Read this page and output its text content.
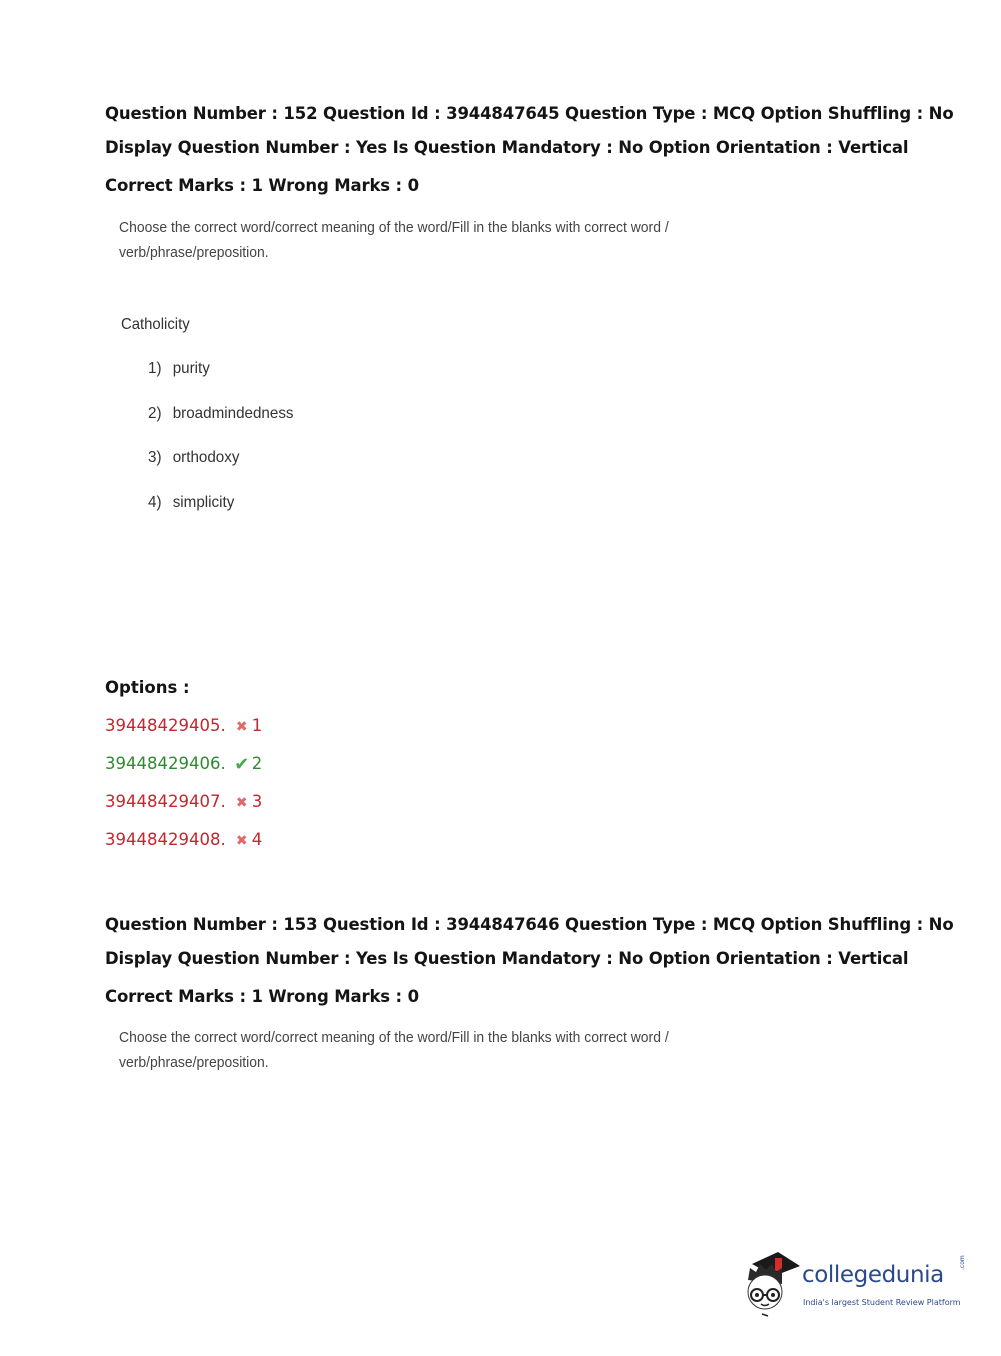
Question Number : 152 Question Id : 3944847645 Question Type : MCQ Option Shuffling : No
Display Question Number : Yes Is Question Mandatory : No Option Orientation : Vertical
Correct Marks : 1 Wrong Marks : 0
Choose the correct word/correct meaning of the word/Fill in the blanks with correct word /
verb/phrase/preposition.
Catholicity
1) purity
2) broadmindedness
3) orthodoxy
4) simplicity
Options :
39448429405. ✖ 1
39448429406. ✔ 2
39448429407. ✖ 3
39448429408. ✖ 4
Question Number : 153 Question Id : 3944847646 Question Type : MCQ Option Shuffling : No
Display Question Number : Yes Is Question Mandatory : No Option Orientation : Vertical
Correct Marks : 1 Wrong Marks : 0
Choose the correct word/correct meaning of the word/Fill in the blanks with correct word /
verb/phrase/preposition.
collegedunia	.com
India's largest Student Review Platform
